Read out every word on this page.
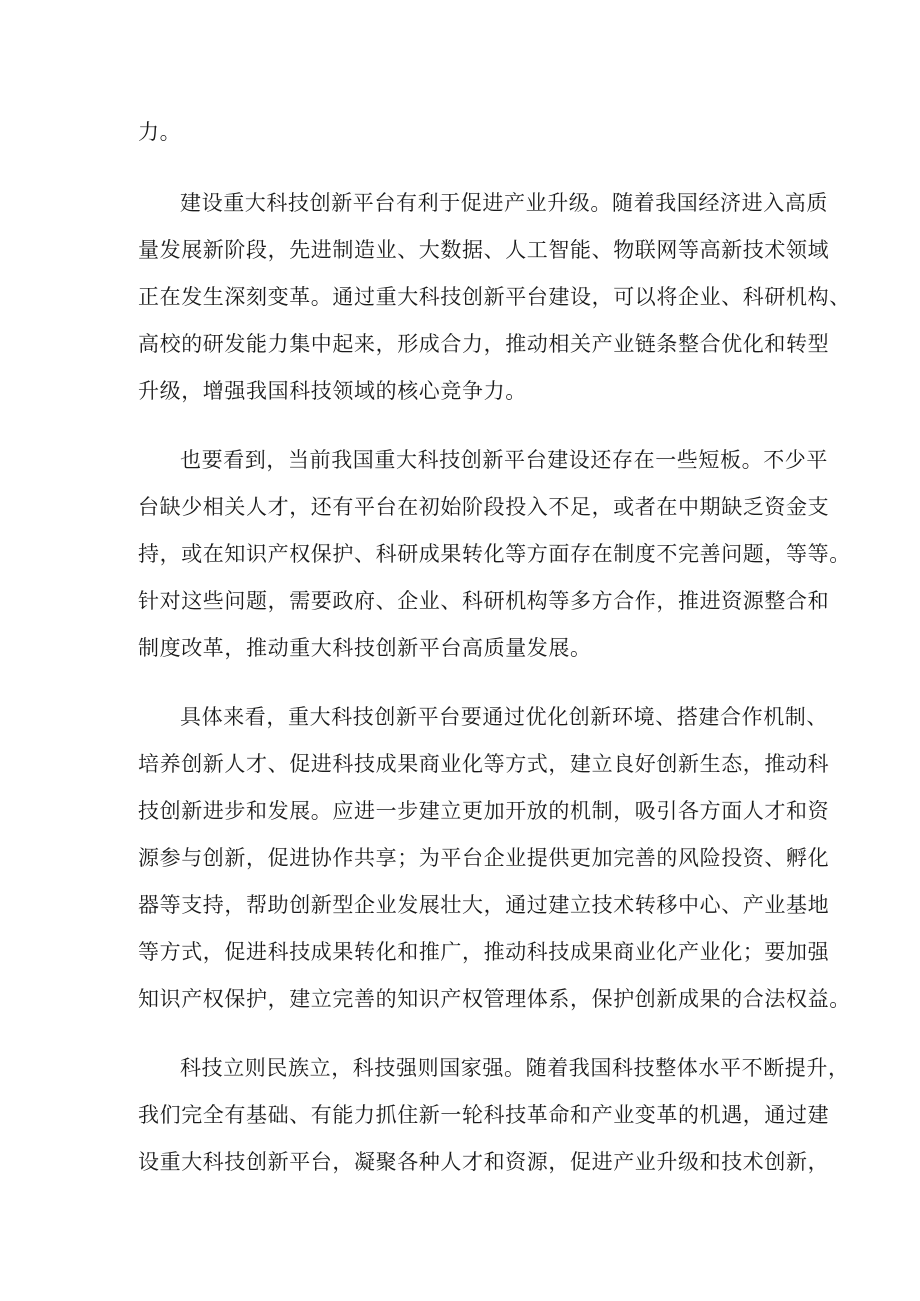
力。
建设重大科技创新平台有利于促进产业升级。随着我国经济进入高质
量发展新阶段，先进制造业、大数据、人工智能、物联网等高新技术领域
正在发生深刻变革。通过重大科技创新平台建设，可以将企业、科研机构、
高校的研发能力集中起来，形成合力，推动相关产业链条整合优化和转型
升级，增强我国科技领域的核心竞争力。
也要看到，当前我国重大科技创新平台建设还存在一些短板。不少平
台缺少相关人才，还有平台在初始阶段投入不足，或者在中期缺乏资金支
持，或在知识产权保护、科研成果转化等方面存在制度不完善问题，等等。
针对这些问题，需要政府、企业、科研机构等多方合作，推进资源整合和
制度改革，推动重大科技创新平台高质量发展。
具体来看，重大科技创新平台要通过优化创新环境、搭建合作机制、
培养创新人才、促进科技成果商业化等方式，建立良好创新生态，推动科
技创新进步和发展。应进一步建立更加开放的机制，吸引各方面人才和资
源参与创新，促进协作共享；为平台企业提供更加完善的风险投资、孵化
器等支持，帮助创新型企业发展壮大，通过建立技术转移中心、产业基地
等方式，促进科技成果转化和推广，推动科技成果商业化产业化；要加强
知识产权保护，建立完善的知识产权管理体系，保护创新成果的合法权益。
科技立则民族立，科技强则国家强。随着我国科技整体水平不断提升，
我们完全有基础、有能力抓住新一轮科技革命和产业变革的机遇，通过建
设重大科技创新平台，凝聚各种人才和资源，促进产业升级和技术创新，
